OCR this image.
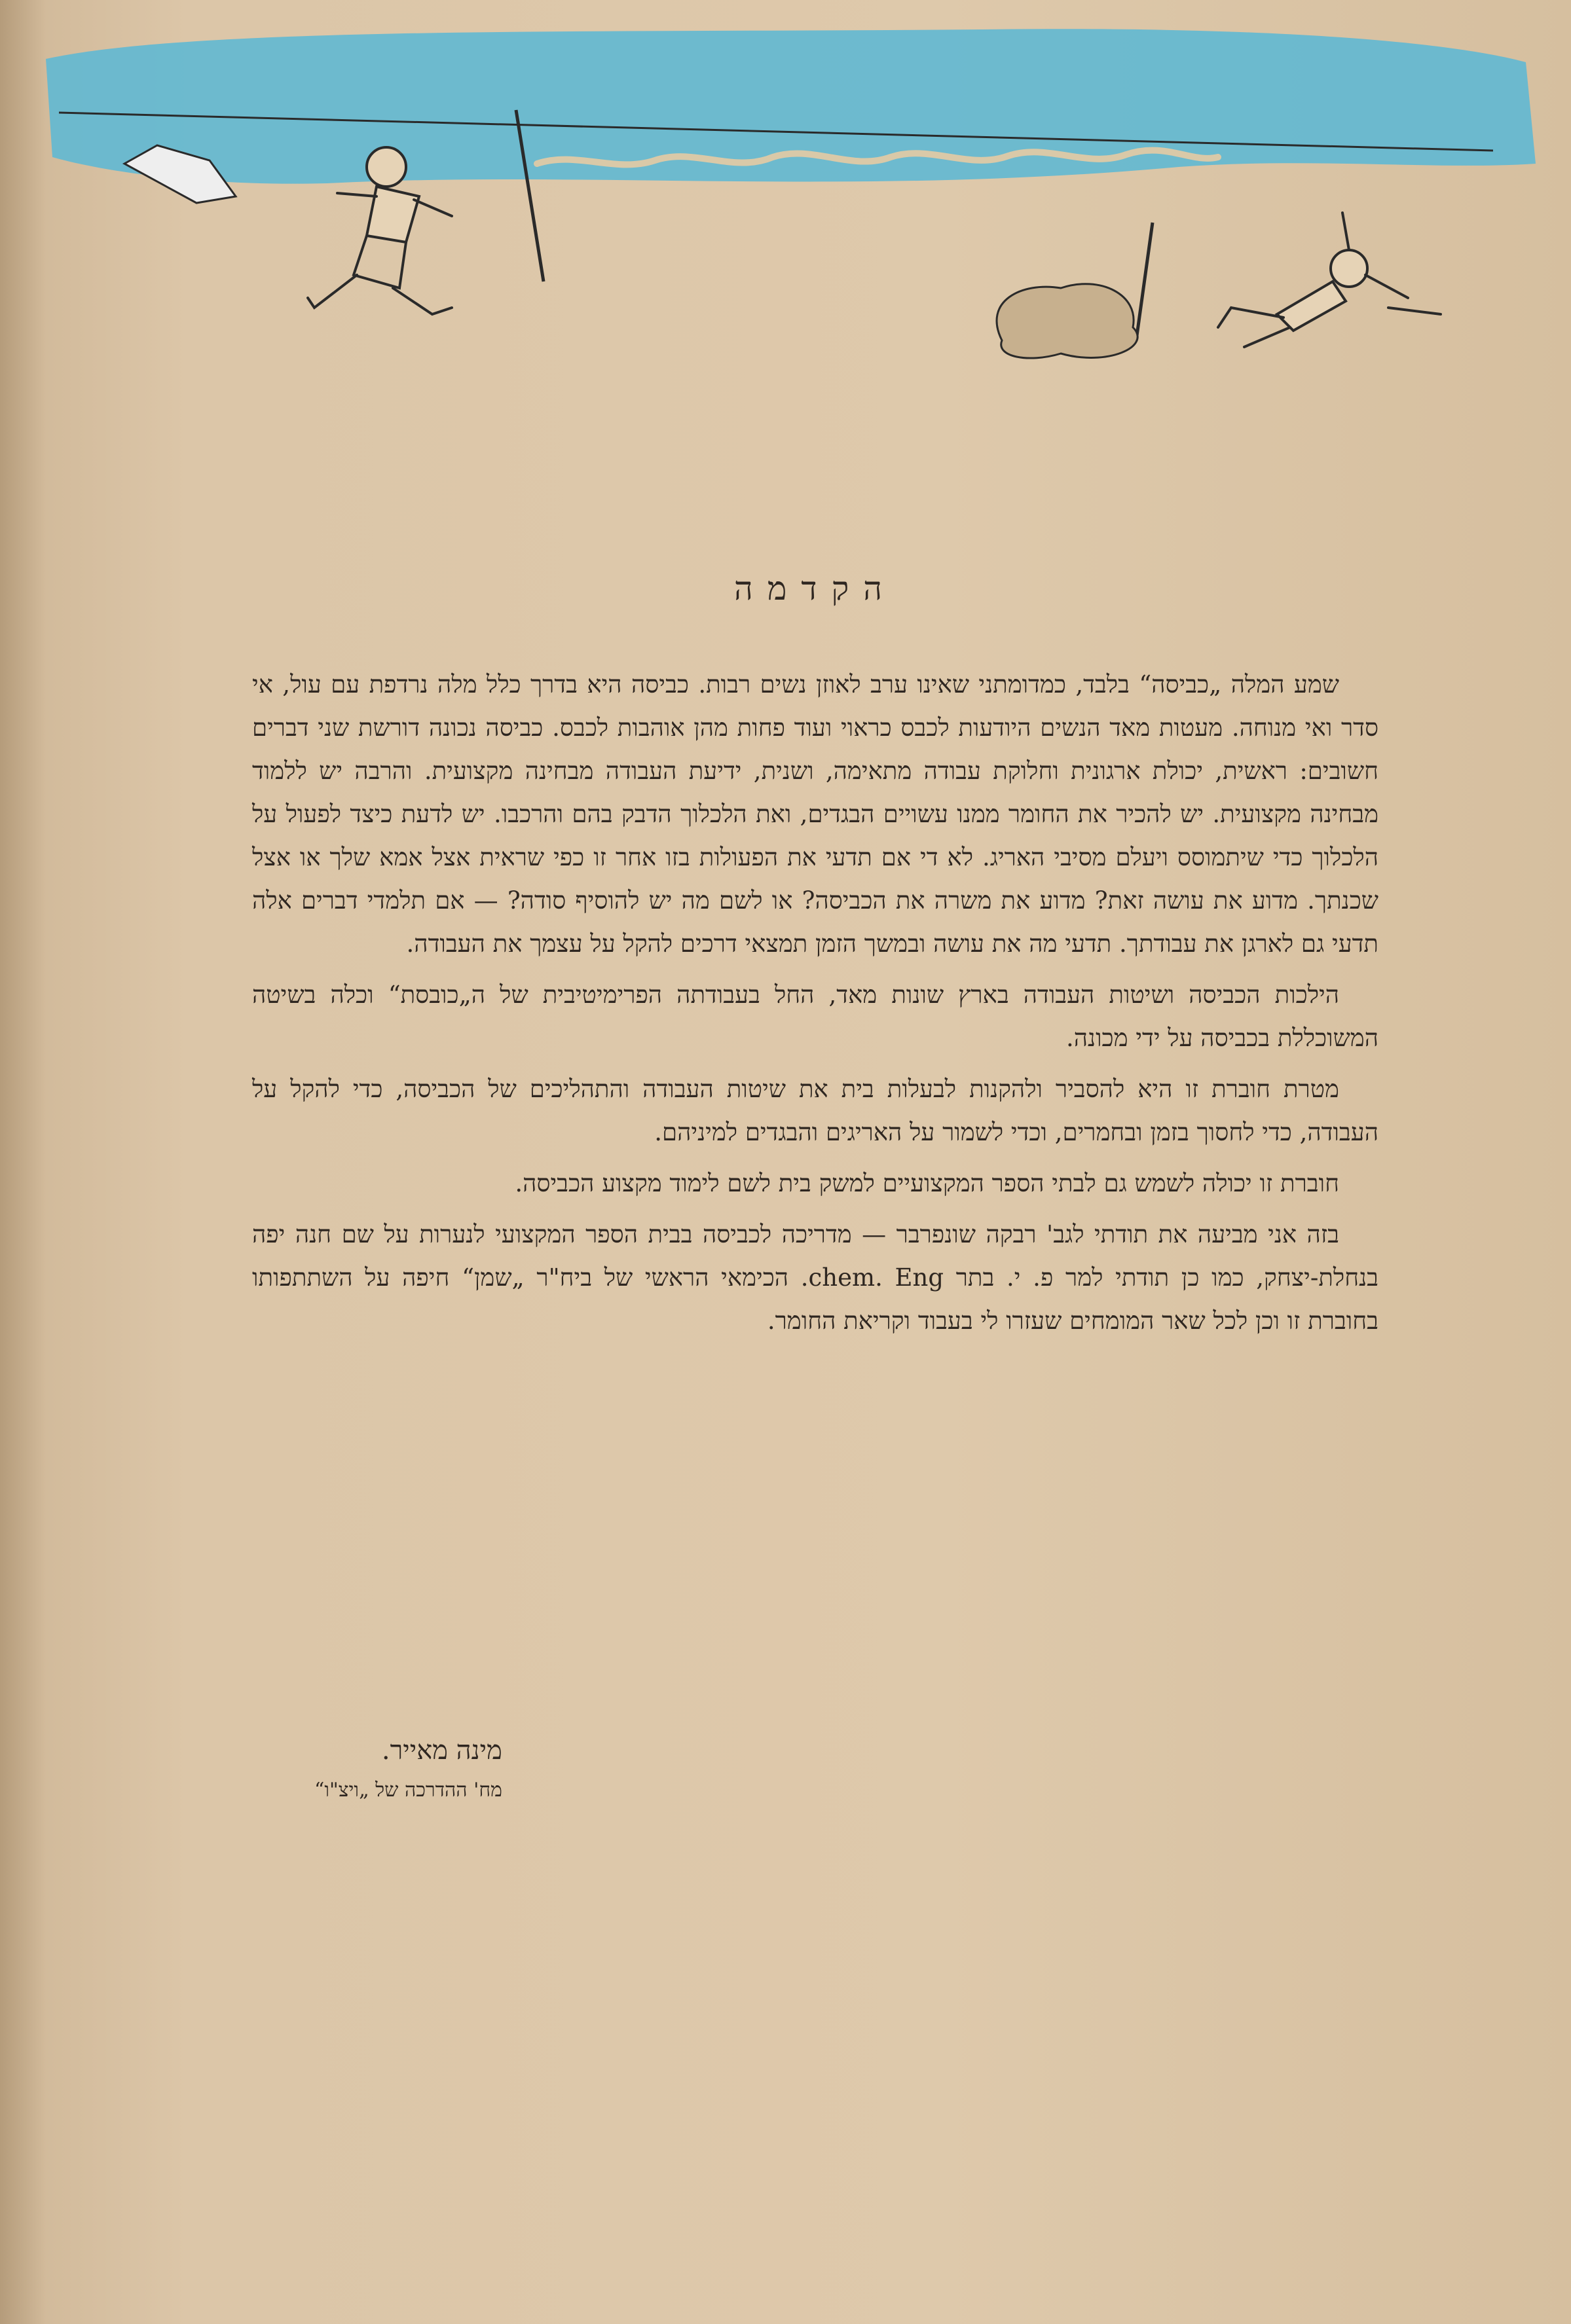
הקדמה

שמע המלה „כביסה“ בלבד, כמדומתני שאינו ערב לאוזן נשים רבות. כביסה היא בדרך כלל מלה נרדפת עם עול, אי סדר ואי מנוחה. מעטות מאד הנשים היודעות לכבס כראוי ועוד פחות מהן אוהבות לכבס. כביסה נכונה דורשת שני דברים חשובים: ראשית, יכולת ארגונית וחלוקת עבודה מתאימה, ושנית, ידיעת העבודה מבחינה מקצועית. והרבה יש ללמוד מבחינה מקצועית. יש להכיר את החומר ממנו עשויים הבגדים, ואת הלכלוך הדבק בהם והרכבו. יש לדעת כיצד לפעול על הלכלוך כדי שיתמוסס ויעלם מסיבי האריג. לא די אם תדעי את הפעולות בזו אחר זו כפי שראית אצל אמא שלך או אצל שכנתך. מדוע את עושה זאת? מדוע את משרה את הכביסה? או לשם מה יש להוסיף סודה? — אם תלמדי דברים אלה תדעי גם לארגן את עבודתך. תדעי מה את עושה ובמשך הזמן תמצאי דרכים להקל על עצמך את העבודה.

הילכות הכביסה ושיטות העבודה בארץ שונות מאד, החל בעבודתה הפרימיטיבית של ה„כובסת“ וכלה בשיטה המשוכללת בכביסה על ידי מכונה.

מטרת חוברת זו היא להסביר ולהקנות לבעלות בית את שיטות העבודה והתהליכים של הכביסה, כדי להקל על העבודה, כדי לחסוך בזמן ובחמרים, וכדי לשמור על האריגים והבגדים למיניהם.

חוברת זו יכולה לשמש גם לבתי הספר המקצועיים למשק בית לשם לימוד מקצוע הכביסה.

בזה אני מביעה את תודתי לגב' רבקה שונפרבר — מדריכה לכביסה בבית הספר המקצועי לנערות על שם חנה יפה בנחלת-יצחק, כמו כן תודתי למר פ. י. בתר chem. Eng. הכימאי הראשי של ביח"ר „שמן“ חיפה על השתתפותו בחוברת זו וכן לכל שאר המומחים שעזרו לי בעבוד וקריאת החומר.

מינה מאייר.
מח' ההדרכה של „ויצ"ו“
